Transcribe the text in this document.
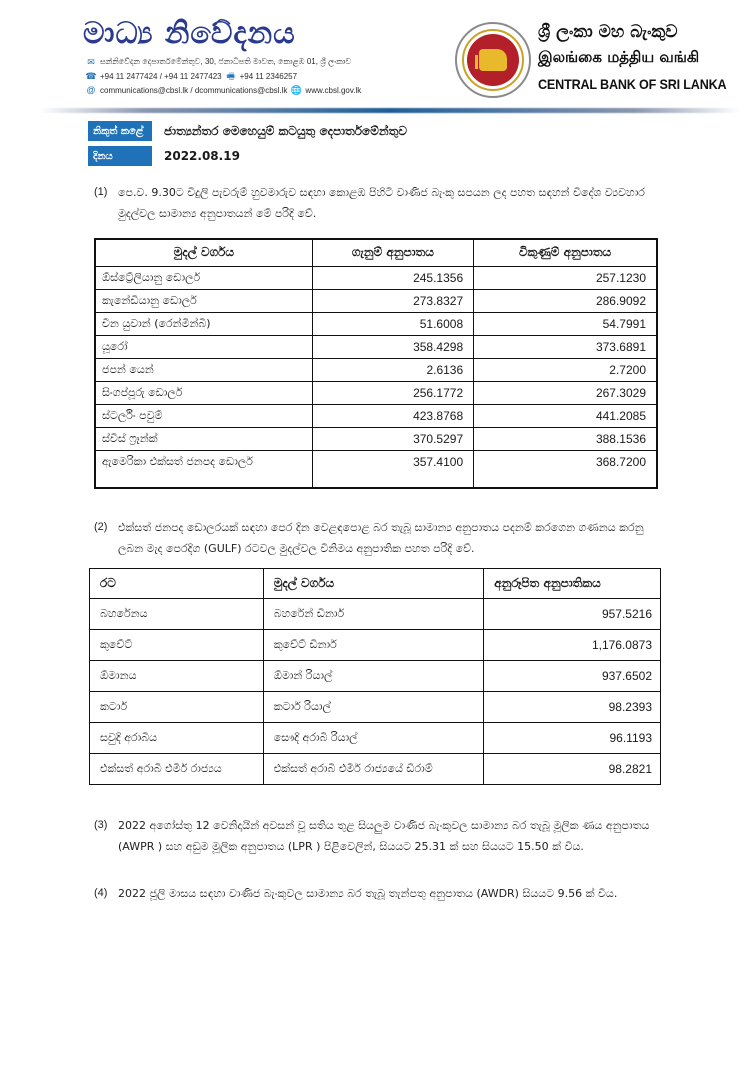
මාධ්‍ය නිවේදනය
✉ සන්නිවේදන දෙපාර්තමේන්තුව, 30, ජනාධිපති මාවත, කොළඹ 01, ශ්‍රී ලංකාව
☎ +94 11 2477424 / +94 11 2477423 🖷 +94 11 2346257
@ communications@cbsl.lk / dcommunications@cbsl.lk 🌐 www.cbsl.gov.lk
ශ්‍රී ලංකා මහ බැංකුව
இலங்கை மத்திய வங்கி
CENTRAL BANK OF SRI LANKA
නිකුත් කළේ	ජාත්‍යන්තර මෙහෙයුම් කටයුතු දෙපාර්තමේන්තුව
දිනය	2022.08.19
(1) පෙ.ව. 9.30ට විදුලි පැවරුම් හුවමාරුව සඳහා කොළඹ පිහිටි වාණිජ බැංකු සපයන ලද පහත සඳහන් විදේශ ව්‍යවහාර මුදල්වල සාමාන්‍ය අනුපාතයන් මේ පරිදි වේ.
මුදල් වර්ගය	ගැනුම් අනුපාතය	විකුණුම් අනුපාතය
ඕස්ට්‍රේලියානු ඩොලර්	245.1356	257.1230
කැනේඩියානු ඩොලර්	273.8327	286.9092
චීන යුවාන් (රෙන්මින්බි)	51.6008	54.7991
යූරෝ	358.4298	373.6891
ජපන් යෙන්	2.6136	2.7200
සිංගප්පූරු ඩොලර්	256.1772	267.3029
ස්ටර්ලිං පවුම්	423.8768	441.2085
ස්විස් ෆ්‍රෑන්ක්	370.5297	388.1536
ඇමෙරිකා එක්සත් ජනපද ඩොලර්	357.4100	368.7200
(2) එක්සත් ජනපද ඩොලරයක් සඳහා පෙර දින වෙළඳපොළ බර තැබූ සාමාන්‍ය අනුපාතය පදනම් කරගෙන ගණනය කරනු ලබන මැද පෙරදිග (GULF) රටවල මුදල්වල විනිමය අනුපාතික පහත පරිදි වේ.
රට	මුදල් වර්ගය	අනුරූපිත අනුපාතිකය
බහරේනය	බහරේන් ඩිනාර්	957.5216
කුවේට්	කුවේට් ඩිනාර්	1,176.0873
ඕමානය	ඕමාන් රියාල්	937.6502
කටාර්	කටාර් රියාල්	98.2393
සවුදි අරාබිය	සෞදි අරාබි රියාල්	96.1193
එක්සත් අරාබි එමීර් රාජ්‍යය	එක්සත් අරාබි එමීර් රාජ්‍යයේ ඩිරාම්	98.2821
(3) 2022 අගෝස්තු 12 වෙනිදායින් අවසන් වූ සතිය තුළ සියලුම වාණිජ බැංකුවල සාමාන්‍ය බර තැබූ මූලික ණය අනුපාතය (AWPR ) සහ අඩුම මූලික අනුපාතය (LPR ) පිළිවෙලින්, සියයට 25.31 ක් සහ සියයට 15.50 ක් විය.
(4) 2022 ජූලි මාසය සඳහා වාණිජ බැංකුවල සාමාන්‍ය බර තැබූ තැන්පතු අනුපාතය (AWDR) සියයට 9.56 ක් විය.
